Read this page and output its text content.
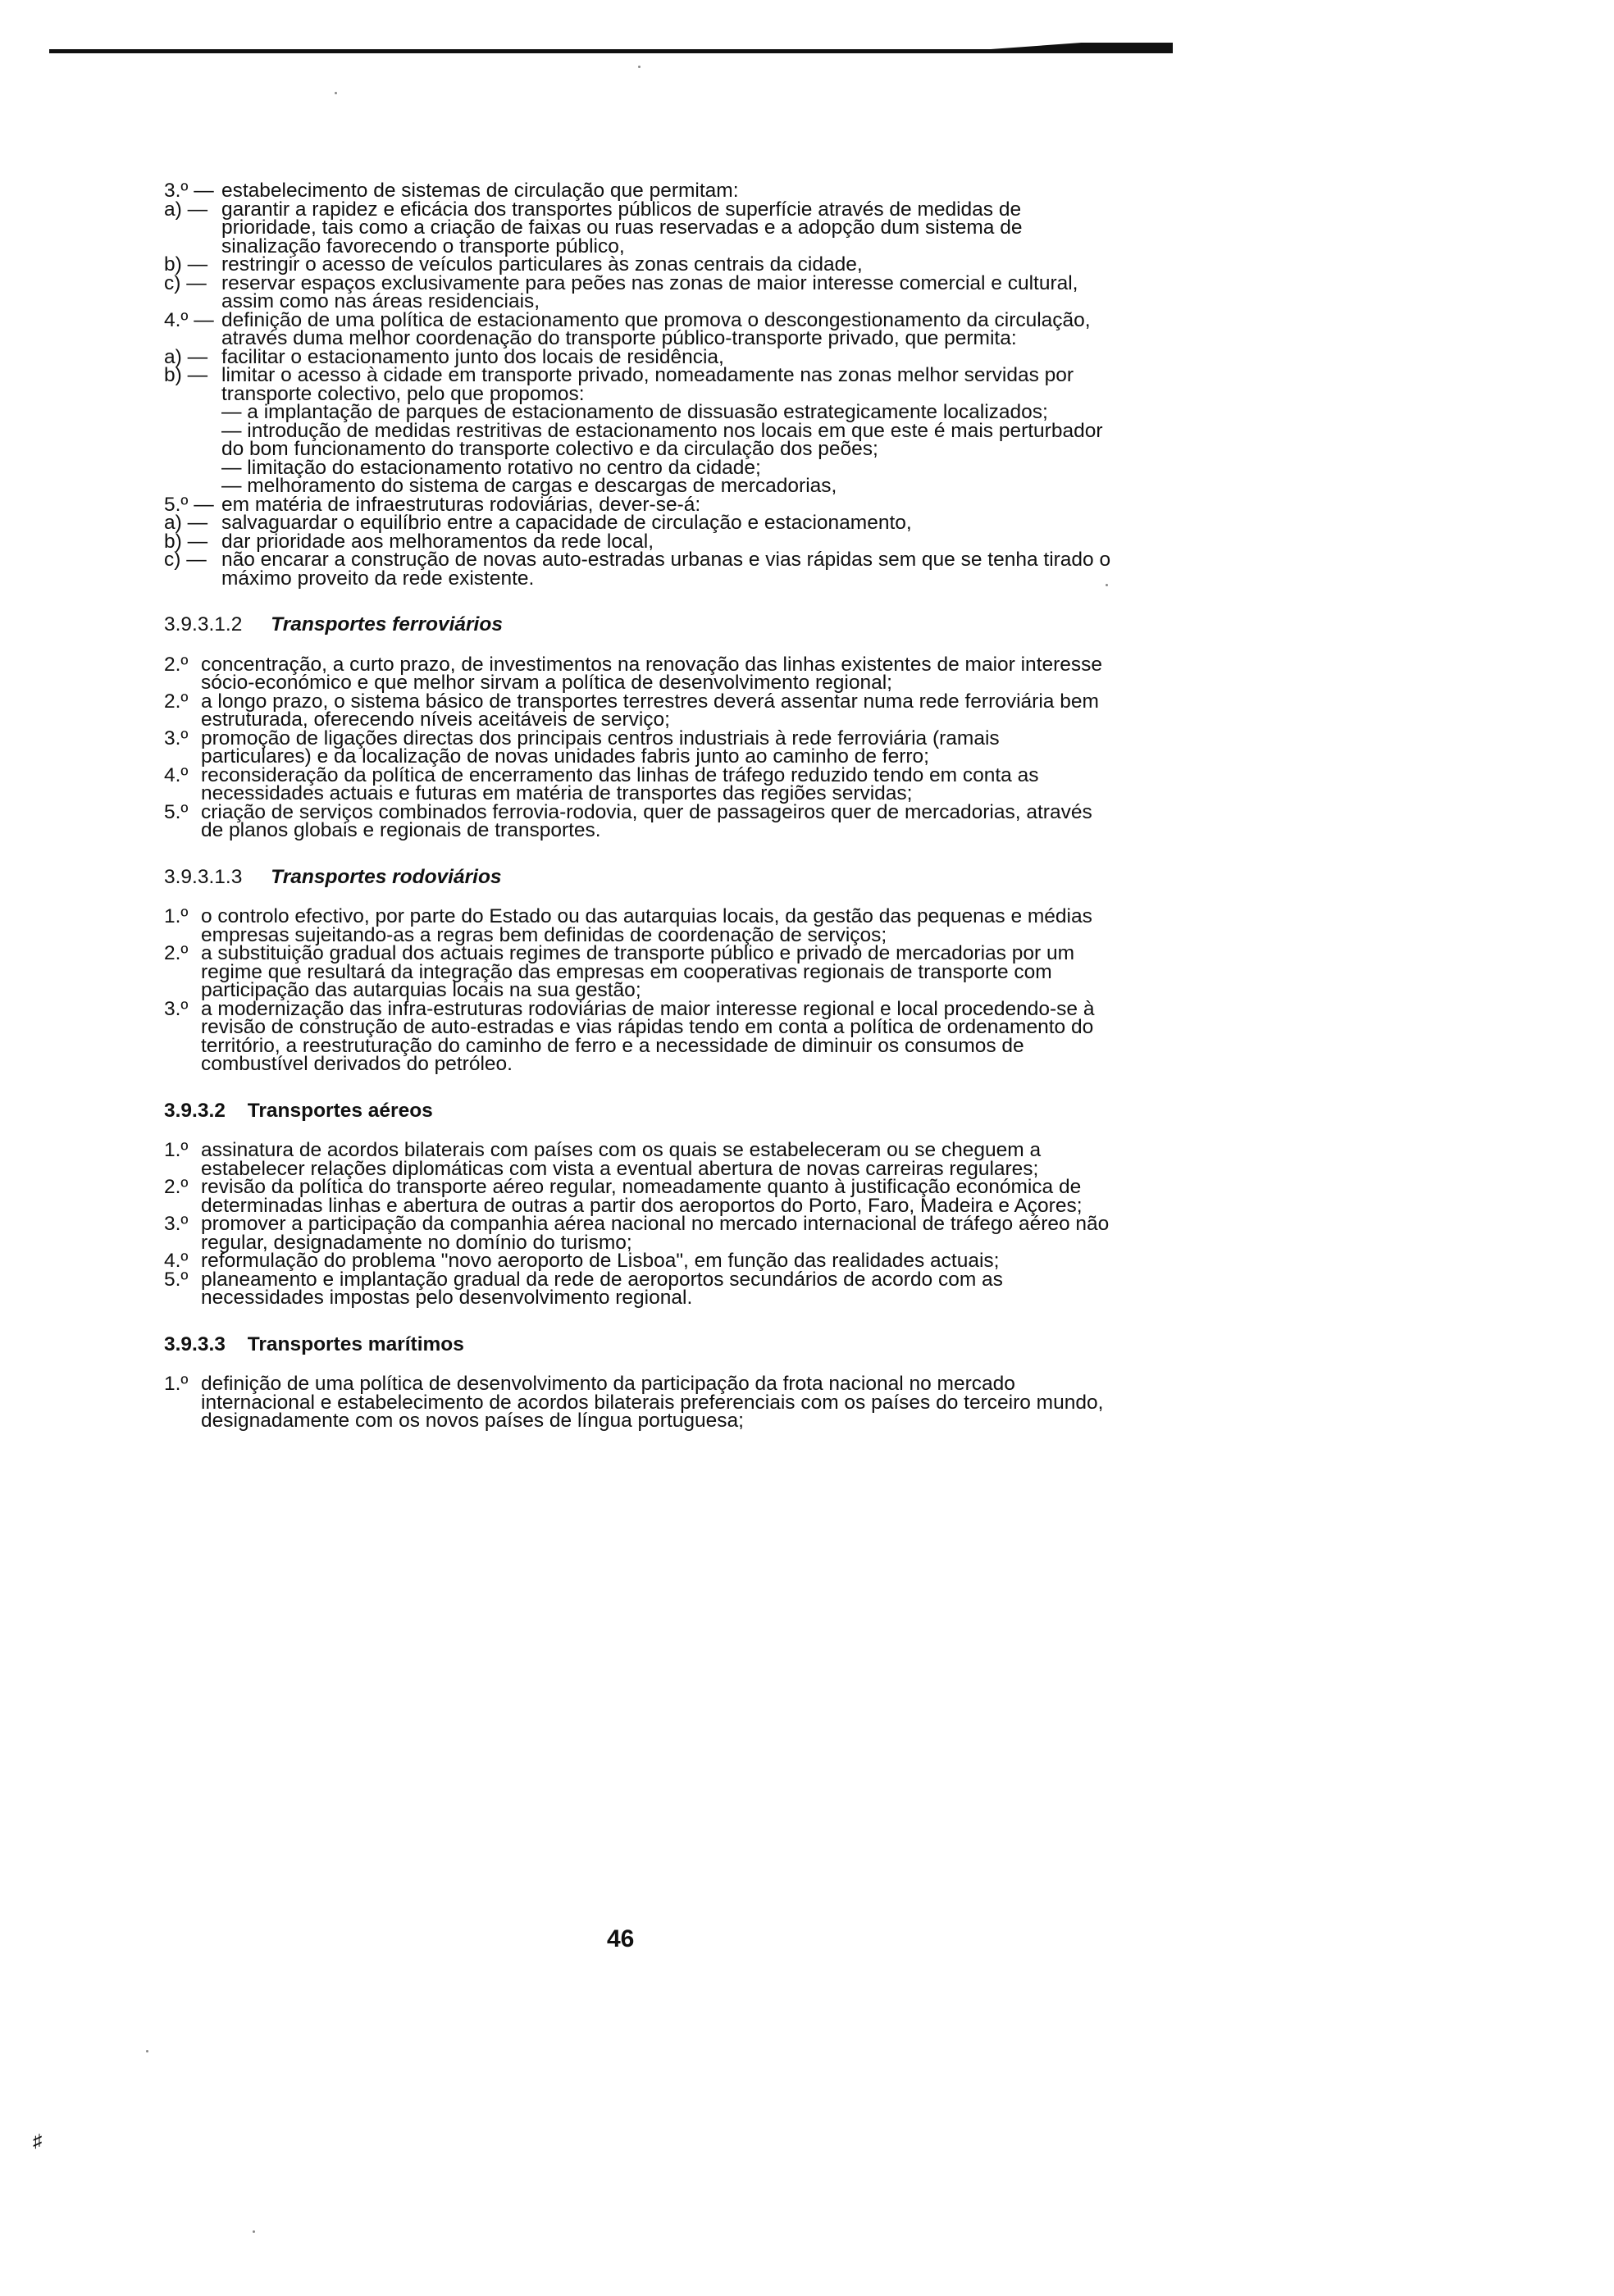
3.º — estabelecimento de sistemas de circulação que permitam:
a) — garantir a rapidez e eficácia dos transportes públicos de superfície através de medidas de prioridade, tais como a criação de faixas ou ruas reservadas e a adopção dum sistema de sinalização favorecendo o transporte público,
b) — restringir o acesso de veículos particulares às zonas centrais da cidade,
c) — reservar espaços exclusivamente para peões nas zonas de maior interesse comercial e cultural, assim como nas áreas residenciais,
4.º — definição de uma política de estacionamento que promova o descongestionamento da circulação, através duma melhor coordenação do transporte público-transporte privado, que permita:
a) — facilitar o estacionamento junto dos locais de residência,
b) — limitar o acesso à cidade em transporte privado, nomeadamente nas zonas melhor servidas por transporte colectivo, pelo que propomos:
— a implantação de parques de estacionamento de dissuasão estrategicamente localizados;
— introdução de medidas restritivas de estacionamento nos locais em que este é mais perturbador do bom funcionamento do transporte colectivo e da circulação dos peões;
— limitação do estacionamento rotativo no centro da cidade;
— melhoramento do sistema de cargas e descargas de mercadorias,
5.º — em matéria de infraestruturas rodoviárias, dever-se-á:
a) — salvaguardar o equilíbrio entre a capacidade de circulação e estacionamento,
b) — dar prioridade aos melhoramentos da rede local,
c) — não encarar a construção de novas auto-estradas urbanas e vias rápidas sem que se tenha tirado o máximo proveito da rede existente.
3.9.3.1.2 Transportes ferroviários
2.º concentração, a curto prazo, de investimentos na renovação das linhas existentes de maior interesse sócio-económico e que melhor sirvam a política de desenvolvimento regional;
2.º a longo prazo, o sistema básico de transportes terrestres deverá assentar numa rede ferroviária bem estruturada, oferecendo níveis aceitáveis de serviço;
3.º promoção de ligações directas dos principais centros industriais à rede ferroviária (ramais particulares) e da localização de novas unidades fabris junto ao caminho de ferro;
4.º reconsideração da política de encerramento das linhas de tráfego reduzido tendo em conta as necessidades actuais e futuras em matéria de transportes das regiões servidas;
5.º criação de serviços combinados ferrovia-rodovia, quer de passageiros quer de mercadorias, através de planos globais e regionais de transportes.
3.9.3.1.3 Transportes rodoviários
1.º o controlo efectivo, por parte do Estado ou das autarquias locais, da gestão das pequenas e médias empresas sujeitando-as a regras bem definidas de coordenação de serviços;
2.º a substituição gradual dos actuais regimes de transporte público e privado de mercadorias por um regime que resultará da integração das empresas em cooperativas regionais de transporte com participação das autarquias locais na sua gestão;
3.º a modernização das infra-estruturas rodoviárias de maior interesse regional e local procedendo-se à revisão de construção de auto-estradas e vias rápidas tendo em conta a política de ordenamento do território, a reestruturação do caminho de ferro e a necessidade de diminuir os consumos de combustível derivados do petróleo.
3.9.3.2 Transportes aéreos
1.º assinatura de acordos bilaterais com países com os quais se estabeleceram ou se cheguem a estabelecer relações diplomáticas com vista a eventual abertura de novas carreiras regulares;
2.º revisão da política do transporte aéreo regular, nomeadamente quanto à justificação económica de determinadas linhas e abertura de outras a partir dos aeroportos do Porto, Faro, Madeira e Açores;
3.º promover a participação da companhia aérea nacional no mercado internacional de tráfego aéreo não regular, designadamente no domínio do turismo;
4.º reformulação do problema "novo aeroporto de Lisboa", em função das realidades actuais;
5.º planeamento e implantação gradual da rede de aeroportos secundários de acordo com as necessidades impostas pelo desenvolvimento regional.
3.9.3.3 Transportes marítimos
1.º definição de uma política de desenvolvimento da participação da frota nacional no mercado internacional e estabelecimento de acordos bilaterais preferenciais com os países do terceiro mundo, designadamente com os novos países de língua portuguesa;
46
♯
